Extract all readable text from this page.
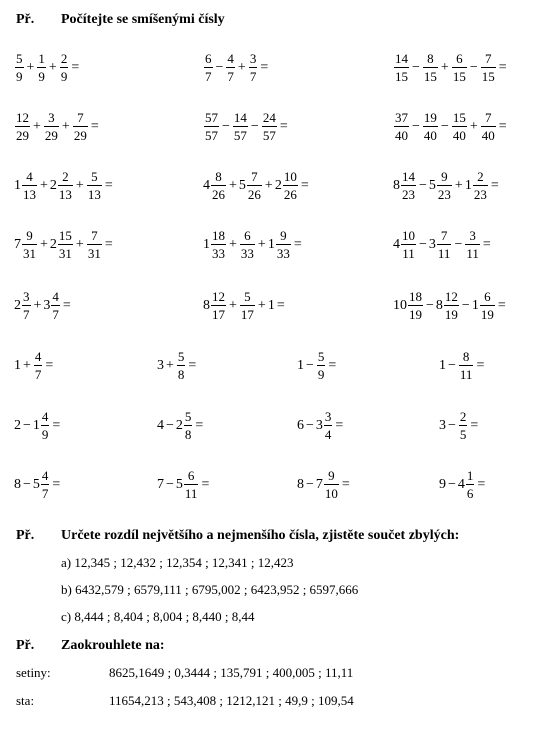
Př. Počítejte se smíšenými čísly
$\frac{5}{9} + \frac{1}{9} + \frac{2}{9}$ =	$\frac{6}{7} - \frac{4}{7} + \frac{3}{7}$ =	$\frac{14}{15} - \frac{8}{15} + \frac{6}{15} - \frac{7}{15}$ =
$\frac{12}{29} + \frac{3}{29} + \frac{7}{29}$ =	$\frac{57}{57} - \frac{14}{57} - \frac{24}{57}$ =	$\frac{37}{40} - \frac{19}{40} - \frac{15}{40} + \frac{7}{40}$ =
$1 \frac{4}{13} + 2 \frac{2}{13} + \frac{5}{13}$ =	$4 \frac{8}{26} + 5 \frac{7}{26} + 2 \frac{10}{26}$ =	$8 \frac{14}{23} - 5 \frac{9}{23} + 1 \frac{2}{23}$ =
$7 \frac{9}{31} + 2 \frac{15}{31} + \frac{7}{31}$ =	$1 \frac{18}{33} + \frac{6}{33} + 1 \frac{9}{33}$ =	$4 \frac{10}{11} - 3 \frac{7}{11} - \frac{3}{11}$ =
$2 \frac{3}{7} + 3 \frac{4}{7}$ =	$8 \frac{12}{17} + \frac{5}{17} + 1$ =	$10 \frac{18}{19} - 8 \frac{12}{19} - 1 \frac{6}{19}$ =
$1 + \frac{4}{7}$ =	$3 + \frac{5}{8}$ =	$1 - \frac{5}{9}$ =	$1 - \frac{8}{11}$ =
$2 - 1 \frac{4}{9}$ =	$4 - 2 \frac{5}{8}$ =	$6 - 3 \frac{3}{4}$ =	$3 - \frac{2}{5}$ =
$8 - 5 \frac{4}{7}$ =	$7 - 5 \frac{6}{11}$ =	$8 - 7 \frac{9}{10}$ =	$9 - 4 \frac{1}{6}$ =
Př. Určete rozdíl největšího a nejmenšího čísla, zjistěte součet zbylých:
a) 12,345 ; 12,432 ; 12,354 ; 12,341 ; 12,423
b) 6432,579 ; 6579,111 ; 6795,002 ; 6423,952 ; 6597,666
c) 8,444 ; 8,404 ; 8,004 ; 8,440 ; 8,44
Př. Zaokrouhlete na:
setiny:	8625,1649 ; 0,3444 ; 135,791 ; 400,005 ; 11,11
sta:	11654,213 ; 543,408 ; 1212,121 ; 49,9 ; 109,54
